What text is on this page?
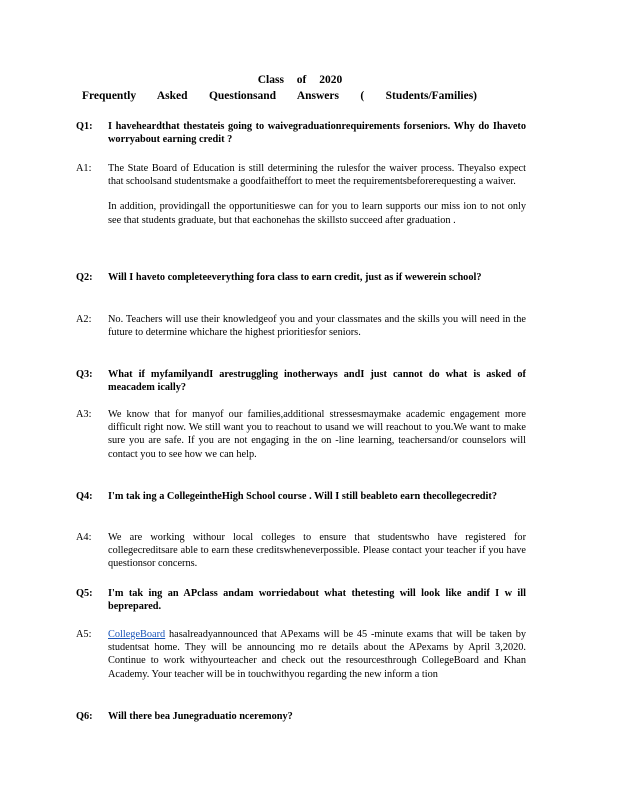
Class of 2020
Frequently Asked Questionsand Answers ( Students/Families)
Q1: I haveheardthat thestateis going to waivegraduationrequirements forseniors. Why do Ihaveto worryabout earning credit ?

A1: The State Board of Education is still determining the rulesfor the waiver process. Theyalso expect that schoolsand studentsmake a goodfaitheffort to meet the requirementsbeforerequesting a waiver.

In addition, providingall the opportunitieswe can for you to learn supports our miss ion to not only see that students graduate, but that eachonehas the skillsto succeed after graduation .

Q2: Will I haveto completeeverything fora class to earn credit, just as if wewerein school?

A2: No. Teachers will use their knowledgeof you and your classmates and the skills you will need in the future to determine whichare the highest prioritiesfor seniors.

Q3: What if myfamilyandI arestruggling inotherways andI just cannot do what is asked of meacadem ically?

A3: We know that for manyof our families,additional stressesmaymake academic engagement more difficult right now. We still want you to reachout to usand we will reachout to you.We want to make sure you are safe. If you are not engaging in the on -line learning, teachersand/or counselors will contact you to see how we can help.

Q4: I'm tak ing a CollegeintheHigh School course . Will I still beableto earn thecollegecredit?

A4: We are working withour local colleges to ensure that studentswho have registered for collegecreditsare able to earn these creditswheneverpossible. Please contact your teacher if you have questionsor concerns.

Q5: I'm tak ing an APclass andam worriedabout what thetesting will look like andif I w ill beprepared.

A5: CollegeBoard hasalreadyannounced that APexams will be 45 -minute exams that will be taken by studentsat home. They will be announcing mo re details about the APexams by April 3,2020. Continue to work withyourteacher and check out the resourcesthrough CollegeBoard and Khan Academy. Your teacher will be in touchwithyou regarding the new inform a tion

Q6: Will there bea Junegraduatio nceremony?
